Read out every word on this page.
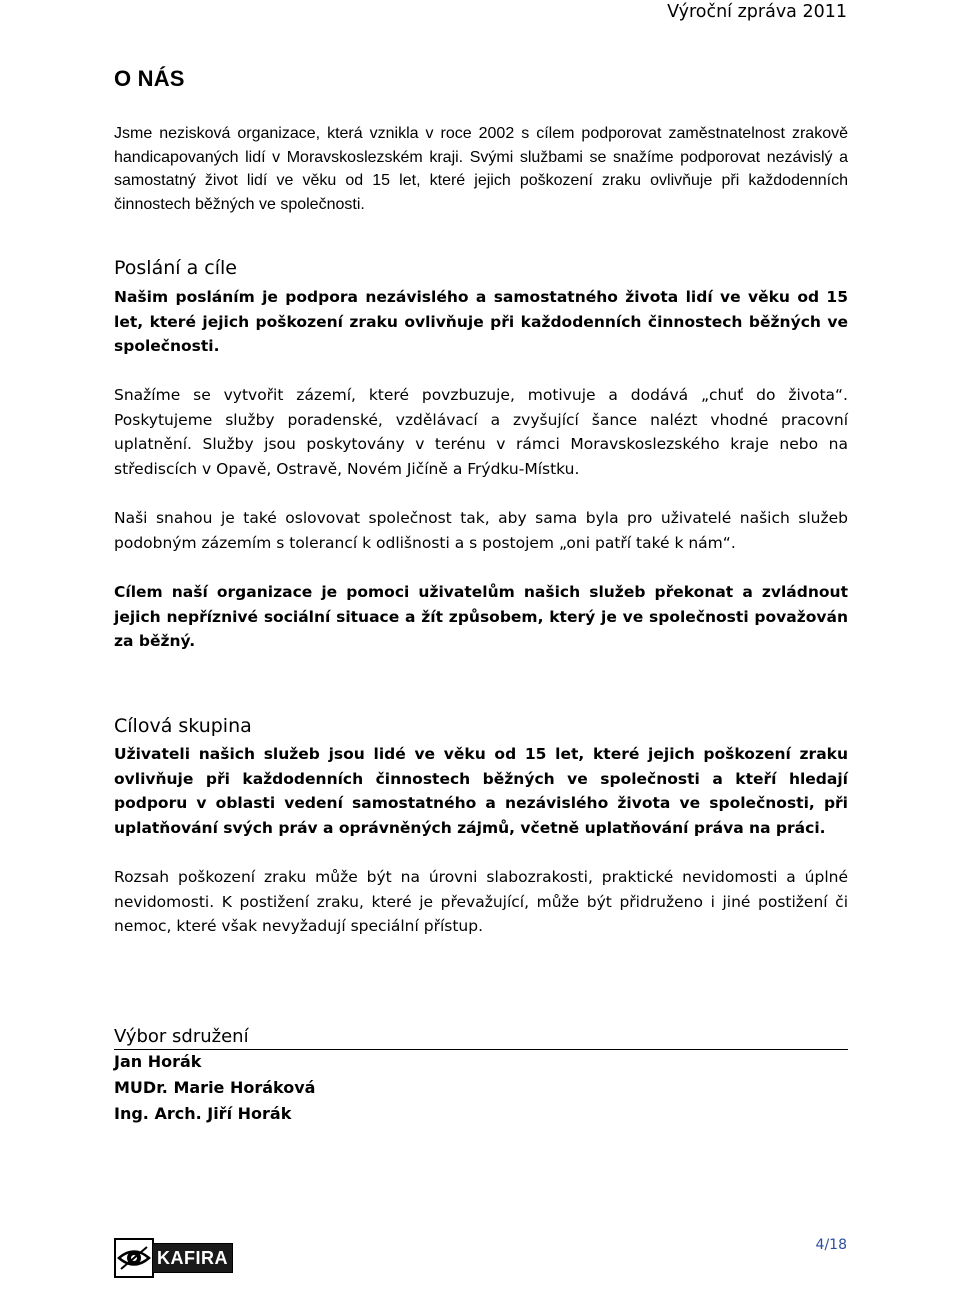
Výroční zpráva 2011
O NÁS

Jsme nezisková organizace, která vznikla v roce 2002 s cílem podporovat zaměstnatelnost zrakově handicapovaných lidí v Moravskoslezském kraji. Svými službami se snažíme podporovat nezávislý a samostatný život lidí ve věku od 15 let, které jejich poškození zraku ovlivňuje při každodenních činnostech běžných ve společnosti.

Poslání a cíle

Našim posláním je podpora nezávislého a samostatného života lidí ve věku od 15 let, které jejich poškození zraku ovlivňuje při každodenních činnostech běžných ve společnosti.

Snažíme se vytvořit zázemí, které povzbuzuje, motivuje a dodává „chuť do života“. Poskytujeme služby poradenské, vzdělávací a zvyšující šance nalézt vhodné pracovní uplatnění. Služby jsou poskytovány v terénu v rámci Moravskoslezského kraje nebo na střediscích v Opavě, Ostravě, Novém Jičíně a Frýdku-Místku.

Naši snahou je také oslovovat společnost tak, aby sama byla pro uživatelé našich služeb podobným zázemím s tolerancí k odlišnosti a s postojem „oni patří také k nám“.

Cílem naší organizace je pomoci uživatelům našich služeb překonat a zvládnout jejich nepříznivé sociální situace a žít způsobem, který je ve společnosti považován za běžný.

Cílová skupina

Uživateli našich služeb jsou lidé ve věku od 15 let, které jejich poškození zraku ovlivňuje při každodenních činnostech běžných ve společnosti a kteří hledají podporu v oblasti vedení samostatného a nezávislého života ve společnosti, při uplatňování svých práv a oprávněných zájmů, včetně uplatňování práva na práci.

Rozsah poškození zraku může být na úrovni slabozrakosti, praktické nevidomosti a úplné nevidomosti. K postižení zraku, které je převažující, může být přidruženo i jiné postižení či nemoc, které však nevyžadují speciální přístup.

Výbor sdružení
Jan Horák
MUDr. Marie Horáková
Ing. Arch. Jiří Horák
KAFIRA
4/18
